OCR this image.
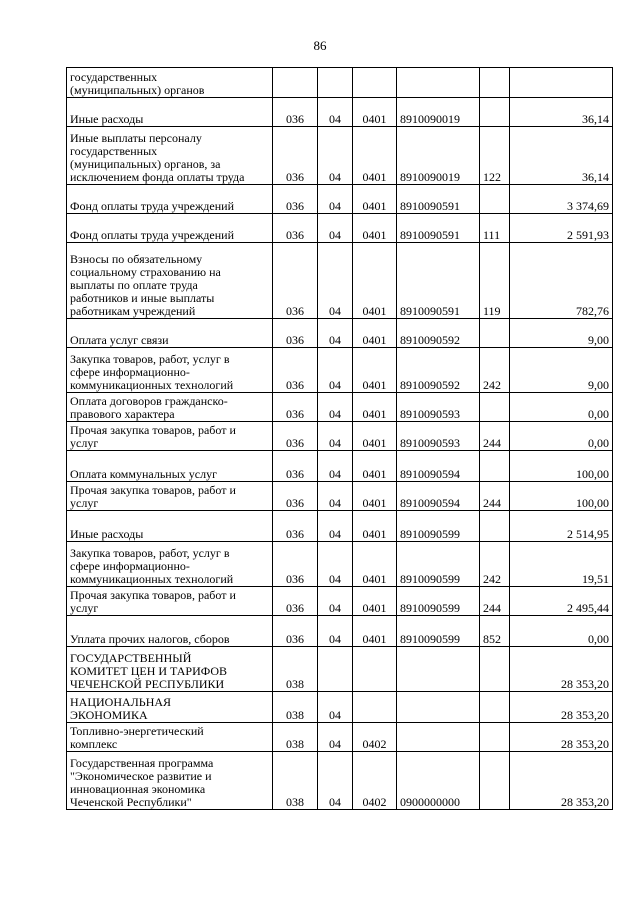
86
государственных
(муниципальных) органов						
Иные расходы	036	04	0401	8910090019		36,14
Иные выплаты персоналу
государственных
(муниципальных) органов, за
исключением фонда оплаты труда	036	04	0401	8910090019	122	36,14
Фонд оплаты труда учреждений	036	04	0401	8910090591		3 374,69
Фонд оплаты труда учреждений	036	04	0401	8910090591	111	2 591,93
Взносы по обязательному
социальному страхованию на
выплаты по оплате труда
работников и иные выплаты
работникам учреждений	036	04	0401	8910090591	119	782,76
Оплата услуг связи	036	04	0401	8910090592		9,00
Закупка товаров, работ, услуг в
сфере информационно-
коммуникационных технологий	036	04	0401	8910090592	242	9,00
Оплата договоров гражданско-
правового характера	036	04	0401	8910090593		0,00
Прочая закупка товаров, работ и
услуг	036	04	0401	8910090593	244	0,00
Оплата коммунальных услуг	036	04	0401	8910090594		100,00
Прочая закупка товаров, работ и
услуг	036	04	0401	8910090594	244	100,00
Иные расходы	036	04	0401	8910090599		2 514,95
Закупка товаров, работ, услуг в
сфере информационно-
коммуникационных технологий	036	04	0401	8910090599	242	19,51
Прочая закупка товаров, работ и
услуг	036	04	0401	8910090599	244	2 495,44
Уплата прочих налогов, сборов	036	04	0401	8910090599	852	0,00
ГОСУДАРСТВЕННЫЙ
КОМИТЕТ ЦЕН И ТАРИФОВ
ЧЕЧЕНСКОЙ РЕСПУБЛИКИ	038					28 353,20
НАЦИОНАЛЬНАЯ
ЭКОНОМИКА	038	04				28 353,20
Топливно-энергетический
комплекс	038	04	0402			28 353,20
Государственная программа
"Экономическое развитие и
инновационная экономика
Чеченской Республики"	038	04	0402	0900000000		28 353,20
